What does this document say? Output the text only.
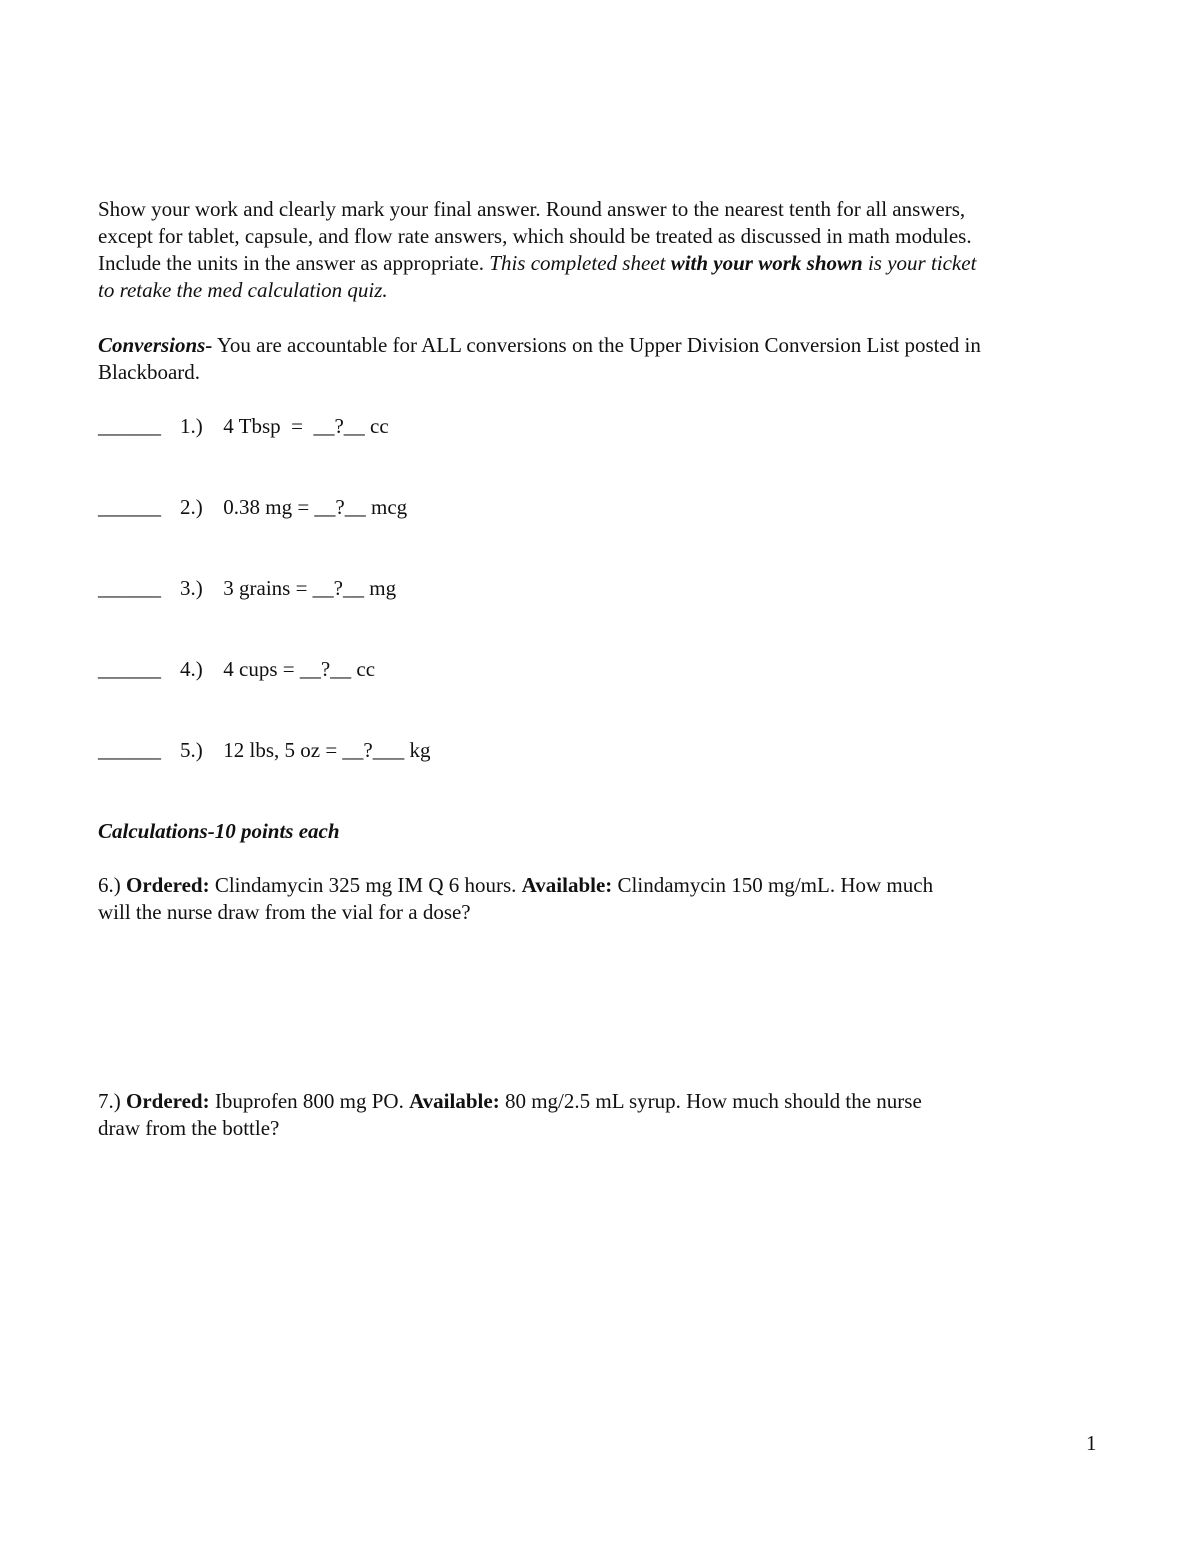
Show your work and clearly mark your final answer. Round answer to the nearest tenth for all answers,
except for tablet, capsule, and flow rate answers, which should be treated as discussed in math modules.
Include the units in the answer as appropriate. This completed sheet with your work shown is your ticket
to retake the med calculation quiz.
Conversions- You are accountable for ALL conversions on the Upper Division Conversion List posted in
Blackboard.
______ 1.) 4 Tbsp  =  __?__ cc
______ 2.) 0.38 mg = __?__ mcg
______ 3.) 3 grains = __?__ mg
______ 4.) 4 cups = __?__ cc
______ 5.) 12 lbs, 5 oz = __?___ kg
Calculations-10 points each
6.) Ordered: Clindamycin 325 mg IM Q 6 hours. Available: Clindamycin 150 mg/mL. How much
will the nurse draw from the vial for a dose?
7.) Ordered: Ibuprofen 800 mg PO. Available: 80 mg/2.5 mL syrup. How much should the nurse
draw from the bottle?
1
